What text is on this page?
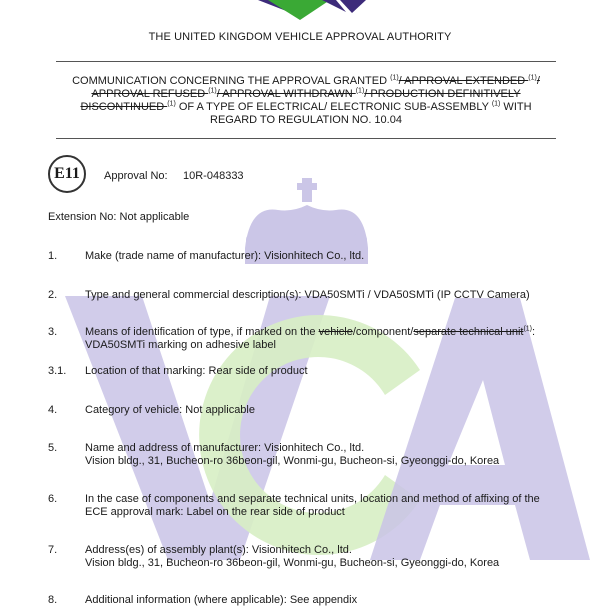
THE UNITED KINGDOM VEHICLE APPROVAL AUTHORITY
COMMUNICATION CONCERNING THE APPROVAL GRANTED $^{(1)}$/ APPROVAL EXTENDED $^{(1)}$/ APPROVAL REFUSED $^{(1)}$/ APPROVAL WITHDRAWN $^{(1)}$/ PRODUCTION DEFINITIVELY DISCONTINUED $^{(1)}$ OF A TYPE OF ELECTRICAL/ ELECTRONIC SUB-ASSEMBLY $^{(1)}$ WITH REGARD TO REGULATION NO. 10.04
E11	Approval No: 10R-048333
Extension No: Not applicable
1.	Make (trade name of manufacturer): Visionhitech Co., ltd.
2.	Type and general commercial description(s): VDA50SMTi / VDA50SMTi (IP CCTV Camera)
3.	Means of identification of type, if marked on the vehicle/component/separate technical unit$^{(1)}$:
VDA50SMTi marking on adhesive label
3.1. Location of that marking: Rear side of product
4.	Category of vehicle: Not applicable
5.	Name and address of manufacturer: Visionhitech Co., ltd.
Vision bldg., 31, Bucheon-ro 36beon-gil, Wonmi-gu, Bucheon-si, Gyeonggi-do, Korea
6.	In the case of components and separate technical units, location and method of affixing of the
ECE approval mark: Label on the rear side of product
7.	Address(es) of assembly plant(s): Visionhitech Co., ltd.
Vision bldg., 31, Bucheon-ro 36beon-gil, Wonmi-gu, Bucheon-si, Gyeonggi-do, Korea
8.	Additional information (where applicable): See appendix
